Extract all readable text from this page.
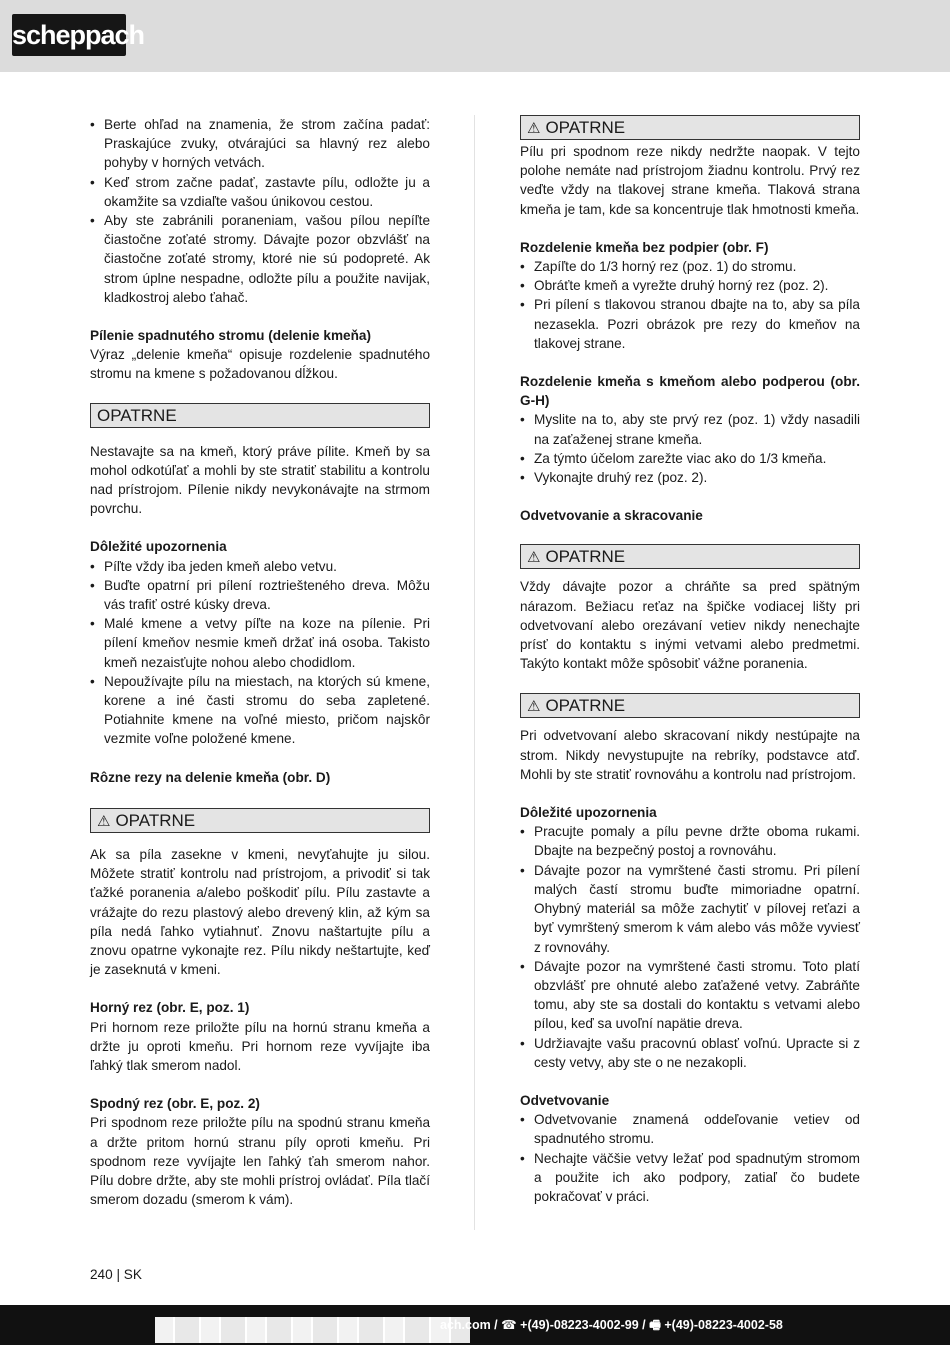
scheppach
• Berte ohľad na znamenia, že strom začína padať: Praskajúce zvuky, otvárajúci sa hlavný rez alebo pohyby v horných vetvách.
• Keď strom začne padať, zastavte pílu, odložte ju a okamžite sa vzdiaľte vašou únikovou cestou.
• Aby ste zabránili poraneniam, vašou pílou nepíľte čiastočne zoťaté stromy. Dávajte pozor obzvlášť na čiastočne zoťaté stromy, ktoré nie sú podopreté. Ak strom úplne nespadne, odložte pílu a použite navijak, kladkostroj alebo ťahač.

Pílenie spadnutého stromu (delenie kmeňa)

Výraz „delenie kmeňa“ opisuje rozdelenie spadnutého stromu na kmene s požadovanou dĺžkou.

OPATRNE

Nestavajte sa na kmeň, ktorý práve pílite. Kmeň by sa mohol odkotúľať a mohli by ste stratiť stabilitu a kontrolu nad prístrojom. Pílenie nikdy nevykonávajte na strmom povrchu.

Dôležité upozornenia

• Píľte vždy iba jeden kmeň alebo vetvu.
• Buďte opatrní pri pílení roztriešteného dreva. Môžu vás trafiť ostré kúsky dreva.
• Malé kmene a vetvy píľte na koze na pílenie. Pri pílení kmeňov nesmie kmeň držať iná osoba. Takisto kmeň nezaisťujte nohou alebo chodidlom.
• Nepoužívajte pílu na miestach, na ktorých sú kmene, korene a iné časti stromu do seba zapletené. Potiahnite kmene na voľné miesto, pričom najskôr vezmite voľne položené kmene.

Rôzne rezy na delenie kmeňa (obr. D)

⚠ OPATRNE

Ak sa píla zasekne v kmeni, nevyťahujte ju silou. Môžete stratiť kontrolu nad prístrojom, a privodiť si tak ťažké poranenia a/alebo poškodiť pílu. Pílu zastavte a vrážajte do rezu plastový alebo drevený klin, až kým sa píla nedá ľahko vytiahnuť. Znovu naštartujte pílu a znovu opatrne vykonajte rez. Pílu nikdy neštartujte, keď je zaseknutá v kmeni.

Horný rez (obr. E, poz. 1)

Pri hornom reze priložte pílu na hornú stranu kmeňa a držte ju oproti kmeňu. Pri hornom reze vyvíjajte iba ľahký tlak smerom nadol.

Spodný rez (obr. E, poz. 2)

Pri spodnom reze priložte pílu na spodnú stranu kmeňa a držte pritom hornú stranu píly oproti kmeňu. Pri spodnom reze vyvíjajte len ľahký ťah smerom nahor. Pílu dobre držte, aby ste mohli prístroj ovládať. Píla tlačí smerom dozadu (smerom k vám).

⚠ OPATRNE

Pílu pri spodnom reze nikdy nedržte naopak. V tejto polohe nemáte nad prístrojom žiadnu kontrolu. Prvý rez veďte vždy na tlakovej strane kmeňa. Tlaková strana kmeňa je tam, kde sa koncentruje tlak hmotnosti kmeňa.

Rozdelenie kmeňa bez podpier (obr. F)

• Zapíľte do 1/3 horný rez (poz. 1) do stromu.
• Obráťte kmeň a vyrežte druhý horný rez (poz. 2).
• Pri pílení s tlakovou stranou dbajte na to, aby sa píla nezasekla. Pozri obrázok pre rezy do kmeňov na tlakovej strane.

Rozdelenie kmeňa s kmeňom alebo podperou (obr. G-H)

• Myslite na to, aby ste prvý rez (poz. 1) vždy nasadili na zaťaženej strane kmeňa.
• Za týmto účelom zarežte viac ako do 1/3 kmeňa.
• Vykonajte druhý rez (poz. 2).

Odvetvovanie a skracovanie

⚠ OPATRNE

Vždy dávajte pozor a chráňte sa pred spätným nárazom. Bežiacu reťaz na špičke vodiacej lišty pri odvetvovaní alebo orezávaní vetiev nikdy nenechajte prísť do kontaktu s inými vetvami alebo predmetmi. Takýto kontakt môže spôsobiť vážne poranenia.

⚠ OPATRNE

Pri odvetvovaní alebo skracovaní nikdy nestúpajte na strom. Nikdy nevystupujte na rebríky, podstavce atď. Mohli by ste stratiť rovnováhu a kontrolu nad prístrojom.

Dôležité upozornenia

• Pracujte pomaly a pílu pevne držte oboma rukami. Dbajte na bezpečný postoj a rovnováhu.
• Dávajte pozor na vymrštené časti stromu. Pri pílení malých častí stromu buďte mimoriadne opatrní. Ohybný materiál sa môže zachytiť v pílovej reťazi a byť vymrštený smerom k vám alebo vás môže vyviesť z rovnováhy.
• Dávajte pozor na vymrštené časti stromu. Toto platí obzvlášť pre ohnuté alebo zaťažené vetvy. Zabráňte tomu, aby ste sa dostali do kontaktu s vetvami alebo pílou, keď sa uvoľní napätie dreva.
• Udržiavajte vašu pracovnú oblasť voľnú. Upracte si z cesty vetvy, aby ste o ne nezakopli.

Odvetvovanie

• Odvetvovanie znamená oddeľovanie vetiev od spadnutého stromu.
• Nechajte väčšie vetvy ležať pod spadnutým stromom a použite ich ako podpory, zatiaľ čo budete pokračovať v práci.
240 | SK
ach.com / ☎ +(49)-08223-4002-99 / 🖷 +(49)-08223-4002-58
